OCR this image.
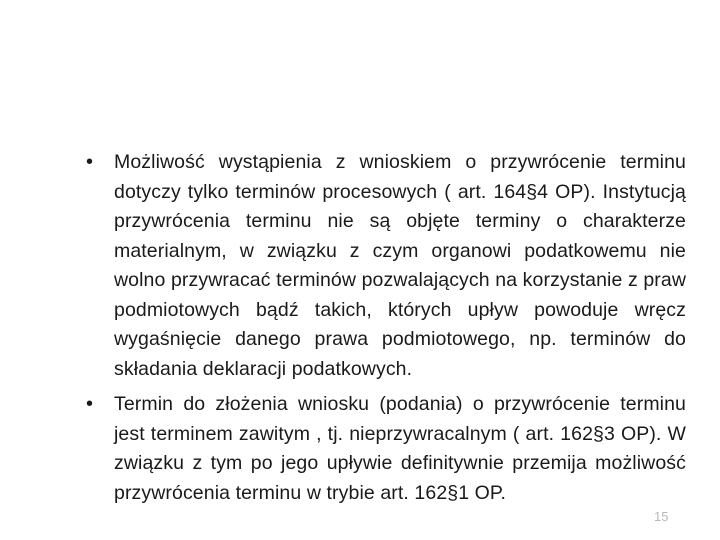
• Możliwość wystąpienia z wnioskiem o przywrócenie terminu dotyczy tylko terminów procesowych ( art. 164§4 OP). Instytucją przywrócenia terminu nie są objęte terminy o charakterze materialnym, w związku z czym organowi podatkowemu nie wolno przywracać terminów pozwalających na korzystanie z praw podmiotowych bądź takich, których upływ powoduje wręcz wygaśnięcie danego prawa podmiotowego, np. terminów do składania deklaracji podatkowych.
• Termin do złożenia wniosku (podania) o przywrócenie terminu jest terminem zawitym , tj. nieprzywracalnym ( art. 162§3 OP). W związku z tym po jego upływie definitywnie przemija możliwość przywrócenia terminu w trybie art. 162§1 OP.
15
